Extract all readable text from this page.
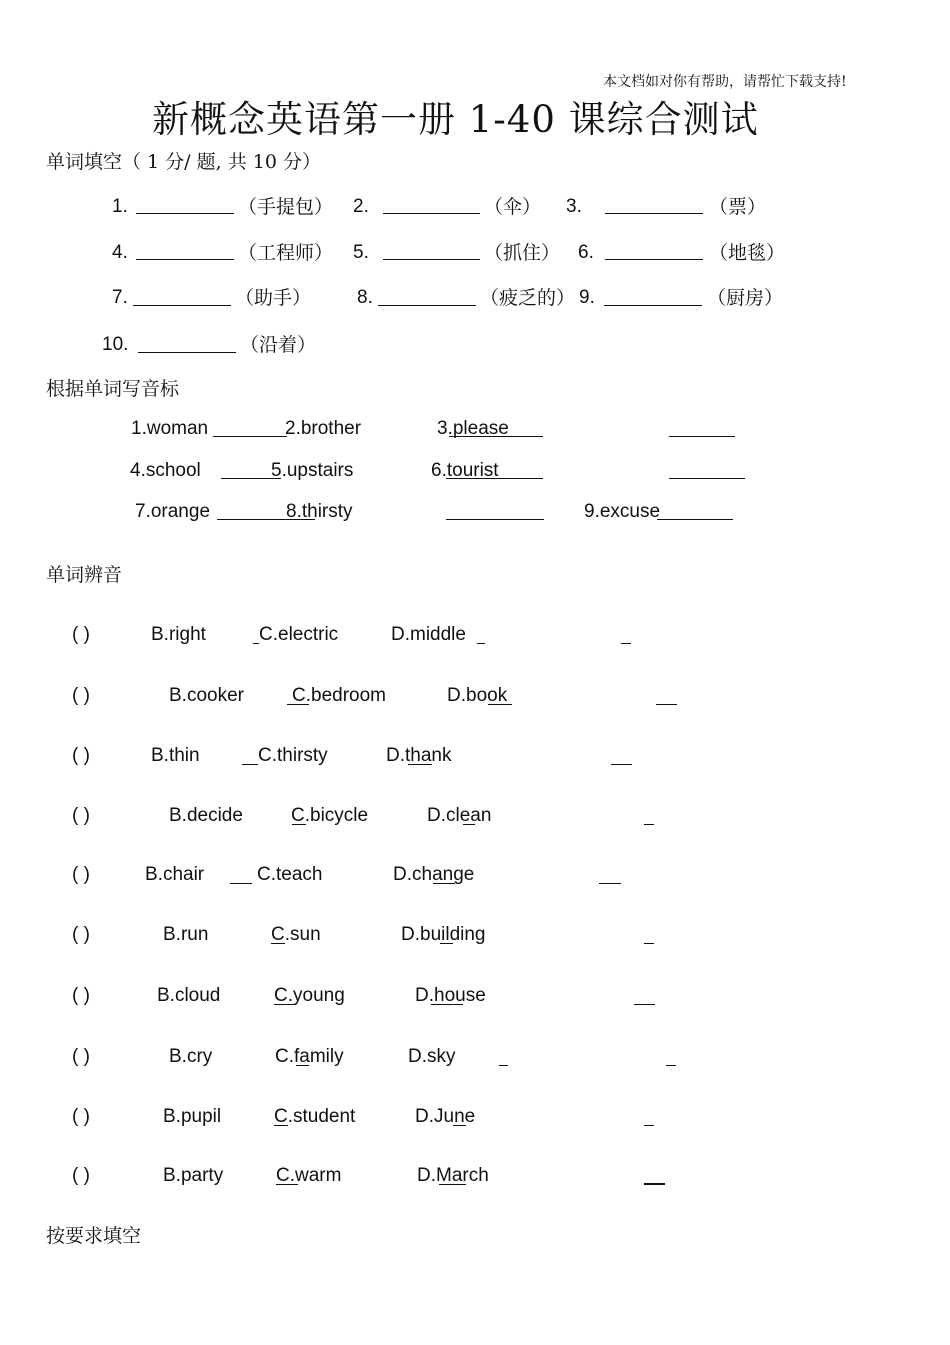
本文档如对你有帮助，请帮忙下载支持!
新概念英语第一册 1-40 课综合测试
单词填空（ 1 分/ 题, 共 10 分）
1.	（手提包） 2.	（伞） 3.	（票）
4.	（工程师） 5.	（抓住） 6.	（地毯）
7.	（助手） 8.	（疲乏的） 9.	（厨房）
10.	（沿着）
根据单词写音标
1.woman	2.brother	3.please
4.school	5.upstairs	6.tourist
7.orange	8.thirsty	9.excuse
单词辨音
( )	B.right	C.electric	D.middle
( )	B.cooker	C.bedroom	D.book
( )	B.thin	C.thirsty	D.thank
( )	B.decide	C.bicycle	D.clean
( )	B.chair	C.teach	D.change
( )	B.run	C.sun	D.building
( )	B.cloud	C.young	D.house
( )	B.cry	C.family	D.sky
( )	B.pupil	C.student	D.June
( )	B.party	C.warm	D.March
按要求填空
